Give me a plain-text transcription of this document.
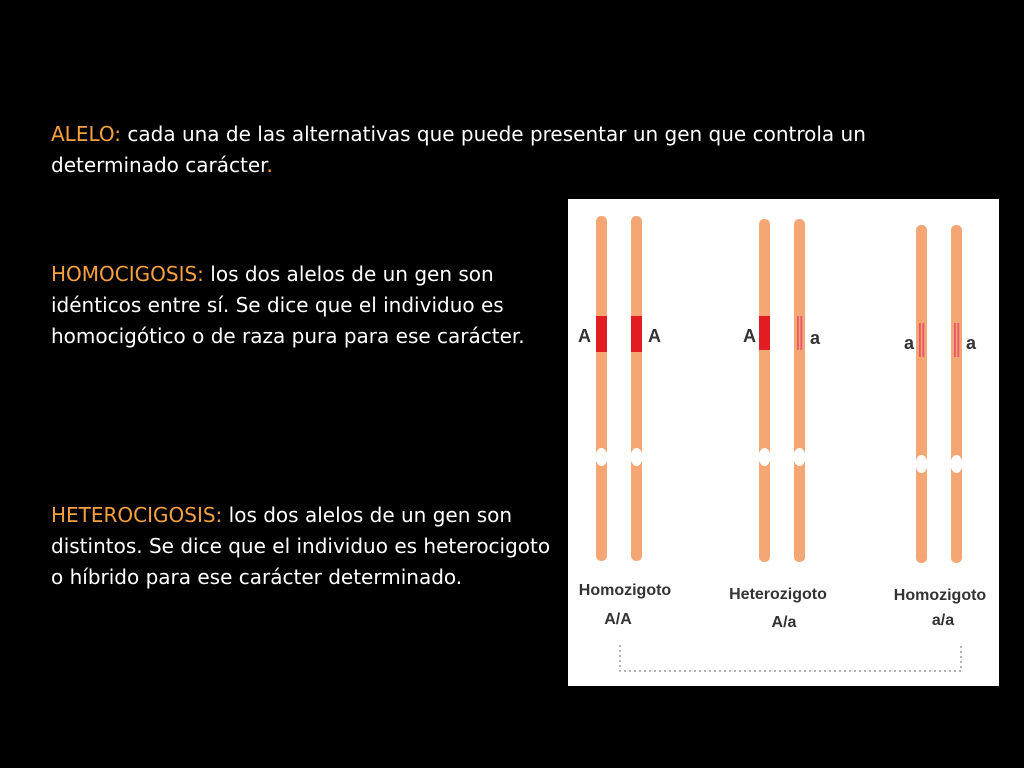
ALELO: cada una de las alternativas que puede presentar un gen que controla un determinado carácter.

HOMOCIGOSIS: los dos alelos de un gen son idénticos entre sí. Se dice que el individuo es homocigótico o de raza pura para ese carácter.

HETEROCIGOSIS: los dos alelos de un gen son distintos. Se dice que el individuo es heterocigoto o híbrido para ese carácter determinado.

A	A
Homozigoto
A/A
A	a
Heterozigoto
A/a
a	a
Homozigoto
a/a
